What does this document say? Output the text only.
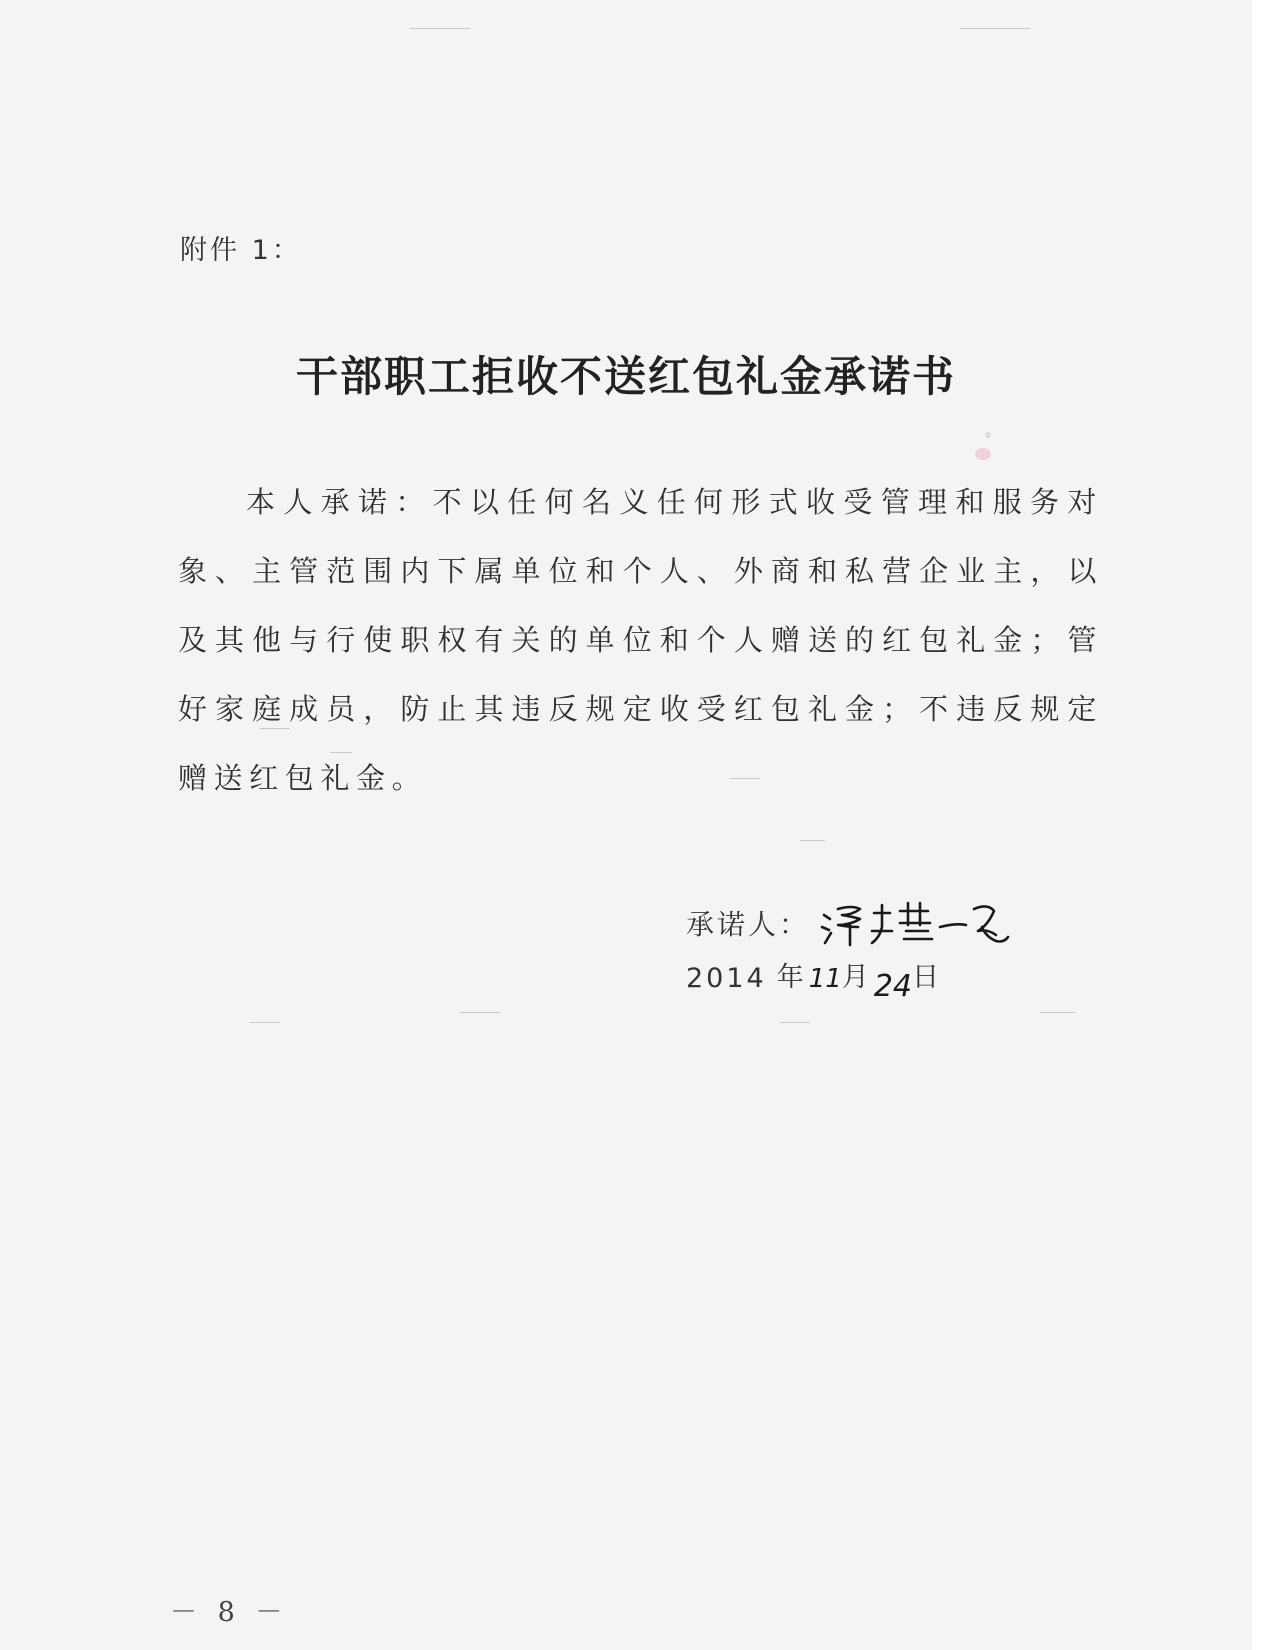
附件 1：
干部职工拒收不送红包礼金承诺书
本人承诺：不以任何名义任何形式收受管理和服务对象、主管范围内下属单位和个人、外商和私营企业主，以及其他与行使职权有关的单位和个人赠送的红包礼金；管好家庭成员，防止其违反规定收受红包礼金；不违反规定赠送红包礼金。
承诺人：
2014 年 11 月 24 日
－ 8 －
